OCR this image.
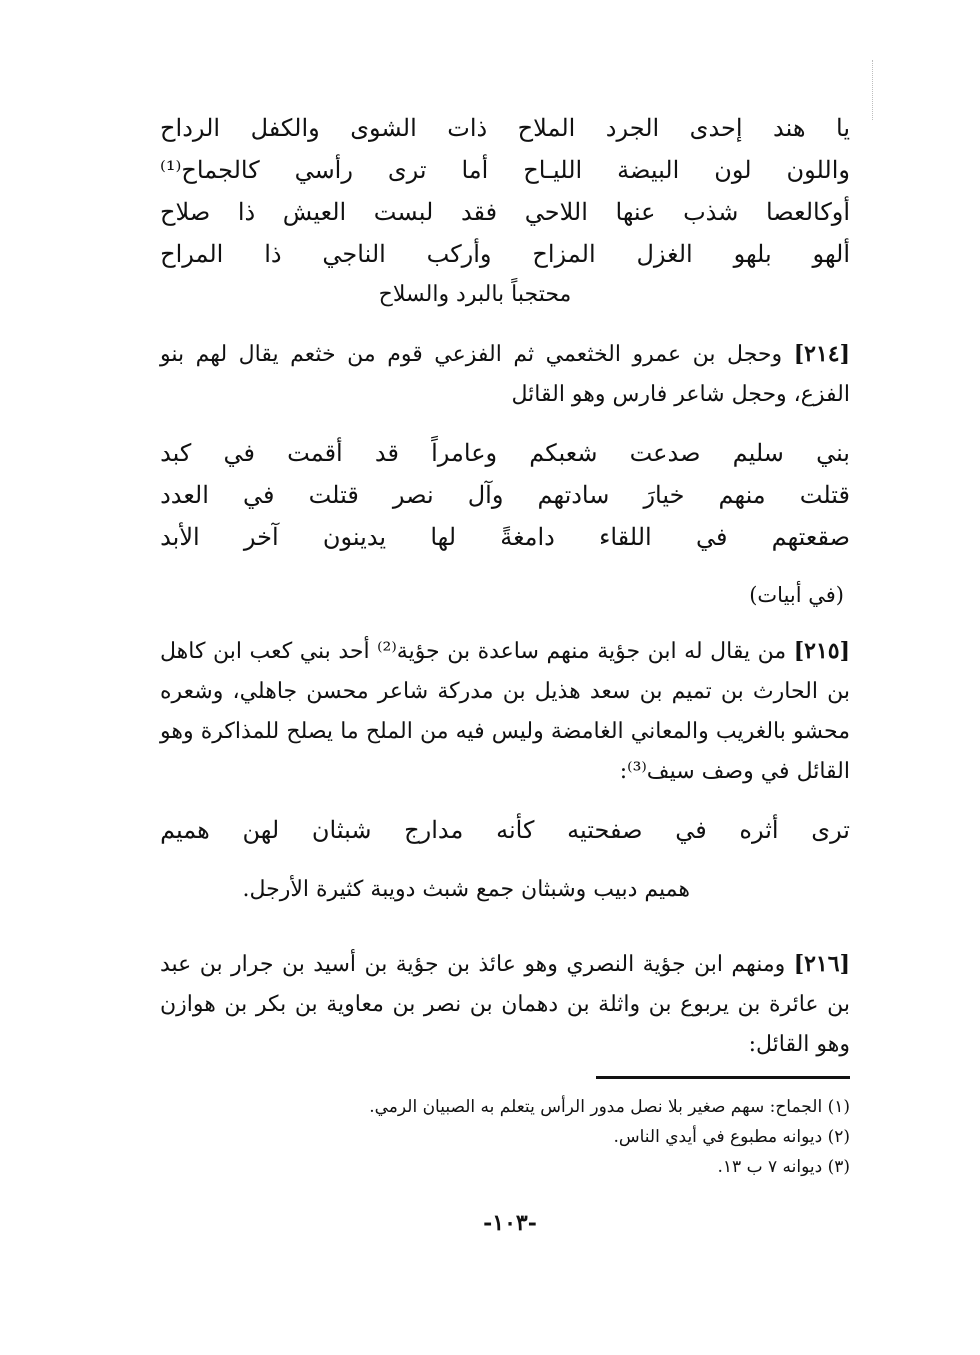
يا
هند
إحدى
الجرد
الملاح
ذات
الشوى
والكفل
الرداح
واللون
لون
البيضة
الليـاح
أما
ترى
رأسي
كالجماح⁽¹⁾
أوكالعصا
شذب
عنها
اللاحي
فقد
لبست
العيش
ذا
صلاح
ألهو
بلهو
الغزل
المزاح
وأركب
الناجي
ذا
المراح
محتجباً بالبرد والسلاح

[٢١٤] وحجل بن عمرو الخثعمي ثم الفزعي قوم من خثعم يقال لهم بنو الفزع، وحجل شاعر فارس وهو القائل

بني
سليم
صدعت
شعبكم
وعامراً
قد
أقمت
في
كبد
قتلت
منهم
خيارَ
سادتهم
وآل
نصر
قتلت
في
العدد
صقعتهم
في
اللقاء
دامغةً
لها
يدينون
آخر
الأبد
(في أبيات)

[٢١٥] من يقال له ابن جؤية منهم ساعدة بن جؤية⁽²⁾ أحد بني كعب ابن كاهل بن الحارث بن تميم بن سعد هذيل بن مدركة شاعر محسن جاهلي، وشعره محشو بالغريب والمعاني الغامضة وليس فيه من الملح ما يصلح للمذاكرة وهو القائل في وصف سيف⁽³⁾:

ترى
أثره
في
صفحتيه
كأنه
مدارج
شبثان
لهن
هميم
هميم دبيب وشبثان جمع شبث دويبة كثيرة الأرجل.

[٢١٦] ومنهم ابن جؤية النصري وهو عائذ بن جؤية بن أسيد بن جرار بن عبد بن عائرة بن يربوع بن واثلة بن دهمان بن نصر بن معاوية بن بكر بن هوازن وهو القائل:

(١) الجماح: سهم صغير بلا نصل مدور الرأس يتعلم به الصبيان الرمي.
(٢) ديوانه مطبوع في أيدي الناس.
(٣) ديوانه ٧ ب ١٣.
-١٠٣-
